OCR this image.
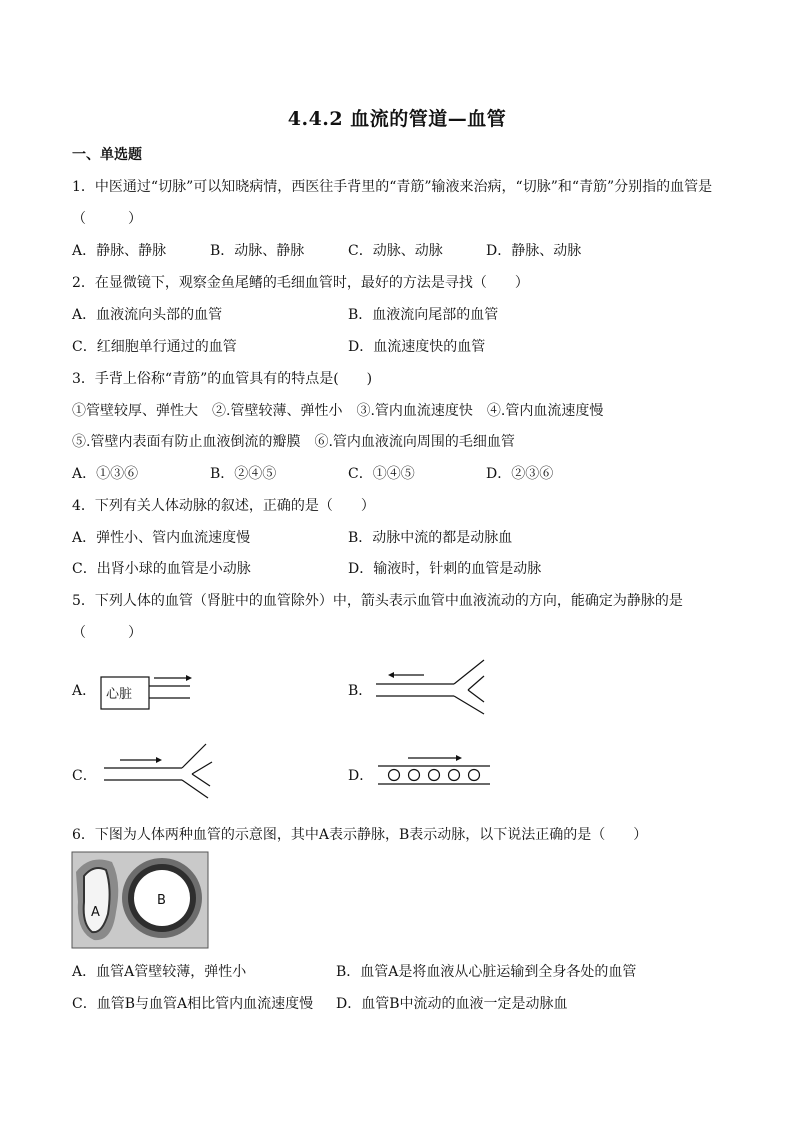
4.4.2 血流的管道—血管
一、单选题
1．中医通过“切脉”可以知晓病情，西医往手背里的“青筋”输液来治病，“切脉”和“青筋”分别指的血管是
（　　　）
A．静脉、静脉	B．动脉、静脉	C．动脉、动脉	D．静脉、动脉
2．在显微镜下，观察金鱼尾鳍的毛细血管时，最好的方法是寻找（　　）
A．血液流向头部的血管	B．血液流向尾部的血管
C．红细胞单行通过的血管	D．血流速度快的血管
3．手背上俗称“青筋”的血管具有的特点是(　　)
①管壁较厚、弹性大　②.管壁较薄、弹性小　③.管内血流速度快　④.管内血流速度慢
⑤.管壁内表面有防止血液倒流的瓣膜　⑥.管内血液流向周围的毛细血管
A．①③⑥	B．②④⑤	C．①④⑤	D．②③⑥
4．下列有关人体动脉的叙述，正确的是（　　）
A．弹性小、管内血流速度慢	B．动脉中流的都是动脉血
C．出肾小球的血管是小动脉	D．输液时，针刺的血管是动脉
5．下列人体的血管（肾脏中的血管除外）中，箭头表示血管中血液流动的方向，能确定为静脉的是
（　　　）
A． 心脏	B．
C．	D．
6．下图为人体两种血管的示意图，其中A表示静脉，B表示动脉，以下说法正确的是（　　）
A
B
A．血管A管壁较薄，弹性小	B．血管A是将血液从心脏运输到全身各处的血管
C．血管B与血管A相比管内血流速度慢 D．血管B中流动的血液一定是动脉血
